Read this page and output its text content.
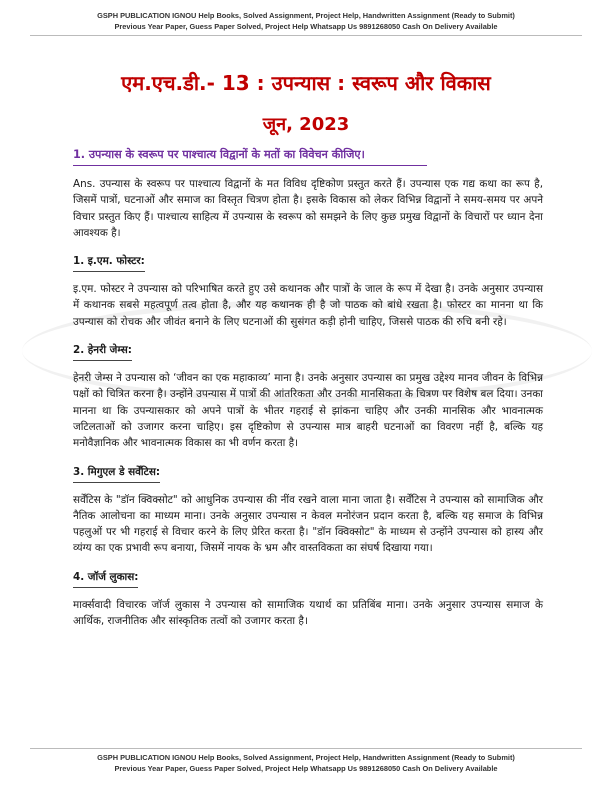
GSPH PUBLICATION IGNOU Help Books, Solved Assignment, Project Help, Handwritten Assignment (Ready to Submit)
Previous Year Paper, Guess Paper Solved, Project Help Whatsapp Us 9891268050 Cash On Delivery Available
एम.एच.डी.- 13 : उपन्यास : स्वरूप और विकास
जून, 2023
1. उपन्यास के स्वरूप पर पाश्चात्य विद्वानों के मतों का विवेचन कीजिए।

Ans. उपन्यास के स्वरूप पर पाश्चात्य विद्वानों के मत विविध दृष्टिकोण प्रस्तुत करते हैं। उपन्यास एक गद्य कथा का रूप है, जिसमें पात्रों, घटनाओं और समाज का विस्तृत चित्रण होता है। इसके विकास को लेकर विभिन्न विद्वानों ने समय-समय पर अपने विचार प्रस्तुत किए हैं। पाश्चात्य साहित्य में उपन्यास के स्वरूप को समझने के लिए कुछ प्रमुख विद्वानों के विचारों पर ध्यान देना आवश्यक है।

1. इ.एम. फोस्टर:

इ.एम. फोस्टर ने उपन्यास को परिभाषित करते हुए उसे कथानक और पात्रों के जाल के रूप में देखा है। उनके अनुसार उपन्यास में कथानक सबसे महत्वपूर्ण तत्व होता है, और यह कथानक ही है जो पाठक को बांधे रखता है। फोस्टर का मानना था कि उपन्यास को रोचक और जीवंत बनाने के लिए घटनाओं की सुसंगत कड़ी होनी चाहिए, जिससे पाठक की रुचि बनी रहे।

2. हेनरी जेम्स:

हेनरी जेम्स ने उपन्यास को ‘जीवन का एक महाकाव्य’ माना है। उनके अनुसार उपन्यास का प्रमुख उद्देश्य मानव जीवन के विभिन्न पक्षों को चित्रित करना है। उन्होंने उपन्यास में पात्रों की आंतरिकता और उनकी मानसिकता के चित्रण पर विशेष बल दिया। उनका मानना था कि उपन्यासकार को अपने पात्रों के भीतर गहराई से झांकना चाहिए और उनकी मानसिक और भावनात्मक जटिलताओं को उजागर करना चाहिए। इस दृष्टिकोण से उपन्यास मात्र बाहरी घटनाओं का विवरण नहीं है, बल्कि यह मनोवैज्ञानिक और भावनात्मक विकास का भी वर्णन करता है।

3. मिगुएल डे सर्वेंटिस:

सर्वेंटिस के "डॉन क्विक्सोट" को आधुनिक उपन्यास की नींव रखने वाला माना जाता है। सर्वेंटिस ने उपन्यास को सामाजिक और नैतिक आलोचना का माध्यम माना। उनके अनुसार उपन्यास न केवल मनोरंजन प्रदान करता है, बल्कि यह समाज के विभिन्न पहलुओं पर भी गहराई से विचार करने के लिए प्रेरित करता है। "डॉन क्विक्सोट" के माध्यम से उन्होंने उपन्यास को हास्य और व्यंग्य का एक प्रभावी रूप बनाया, जिसमें नायक के भ्रम और वास्तविकता का संघर्ष दिखाया गया।

4. जॉर्ज लुकास:

मार्क्सवादी विचारक जॉर्ज लुकास ने उपन्यास को सामाजिक यथार्थ का प्रतिबिंब माना। उनके अनुसार उपन्यास समाज के आर्थिक, राजनीतिक और सांस्कृतिक तत्वों को उजागर करता है।

GSPH PUBLICATION IGNOU Help Books, Solved Assignment, Project Help, Handwritten Assignment (Ready to Submit)
Previous Year Paper, Guess Paper Solved, Project Help Whatsapp Us 9891268050 Cash On Delivery Available
